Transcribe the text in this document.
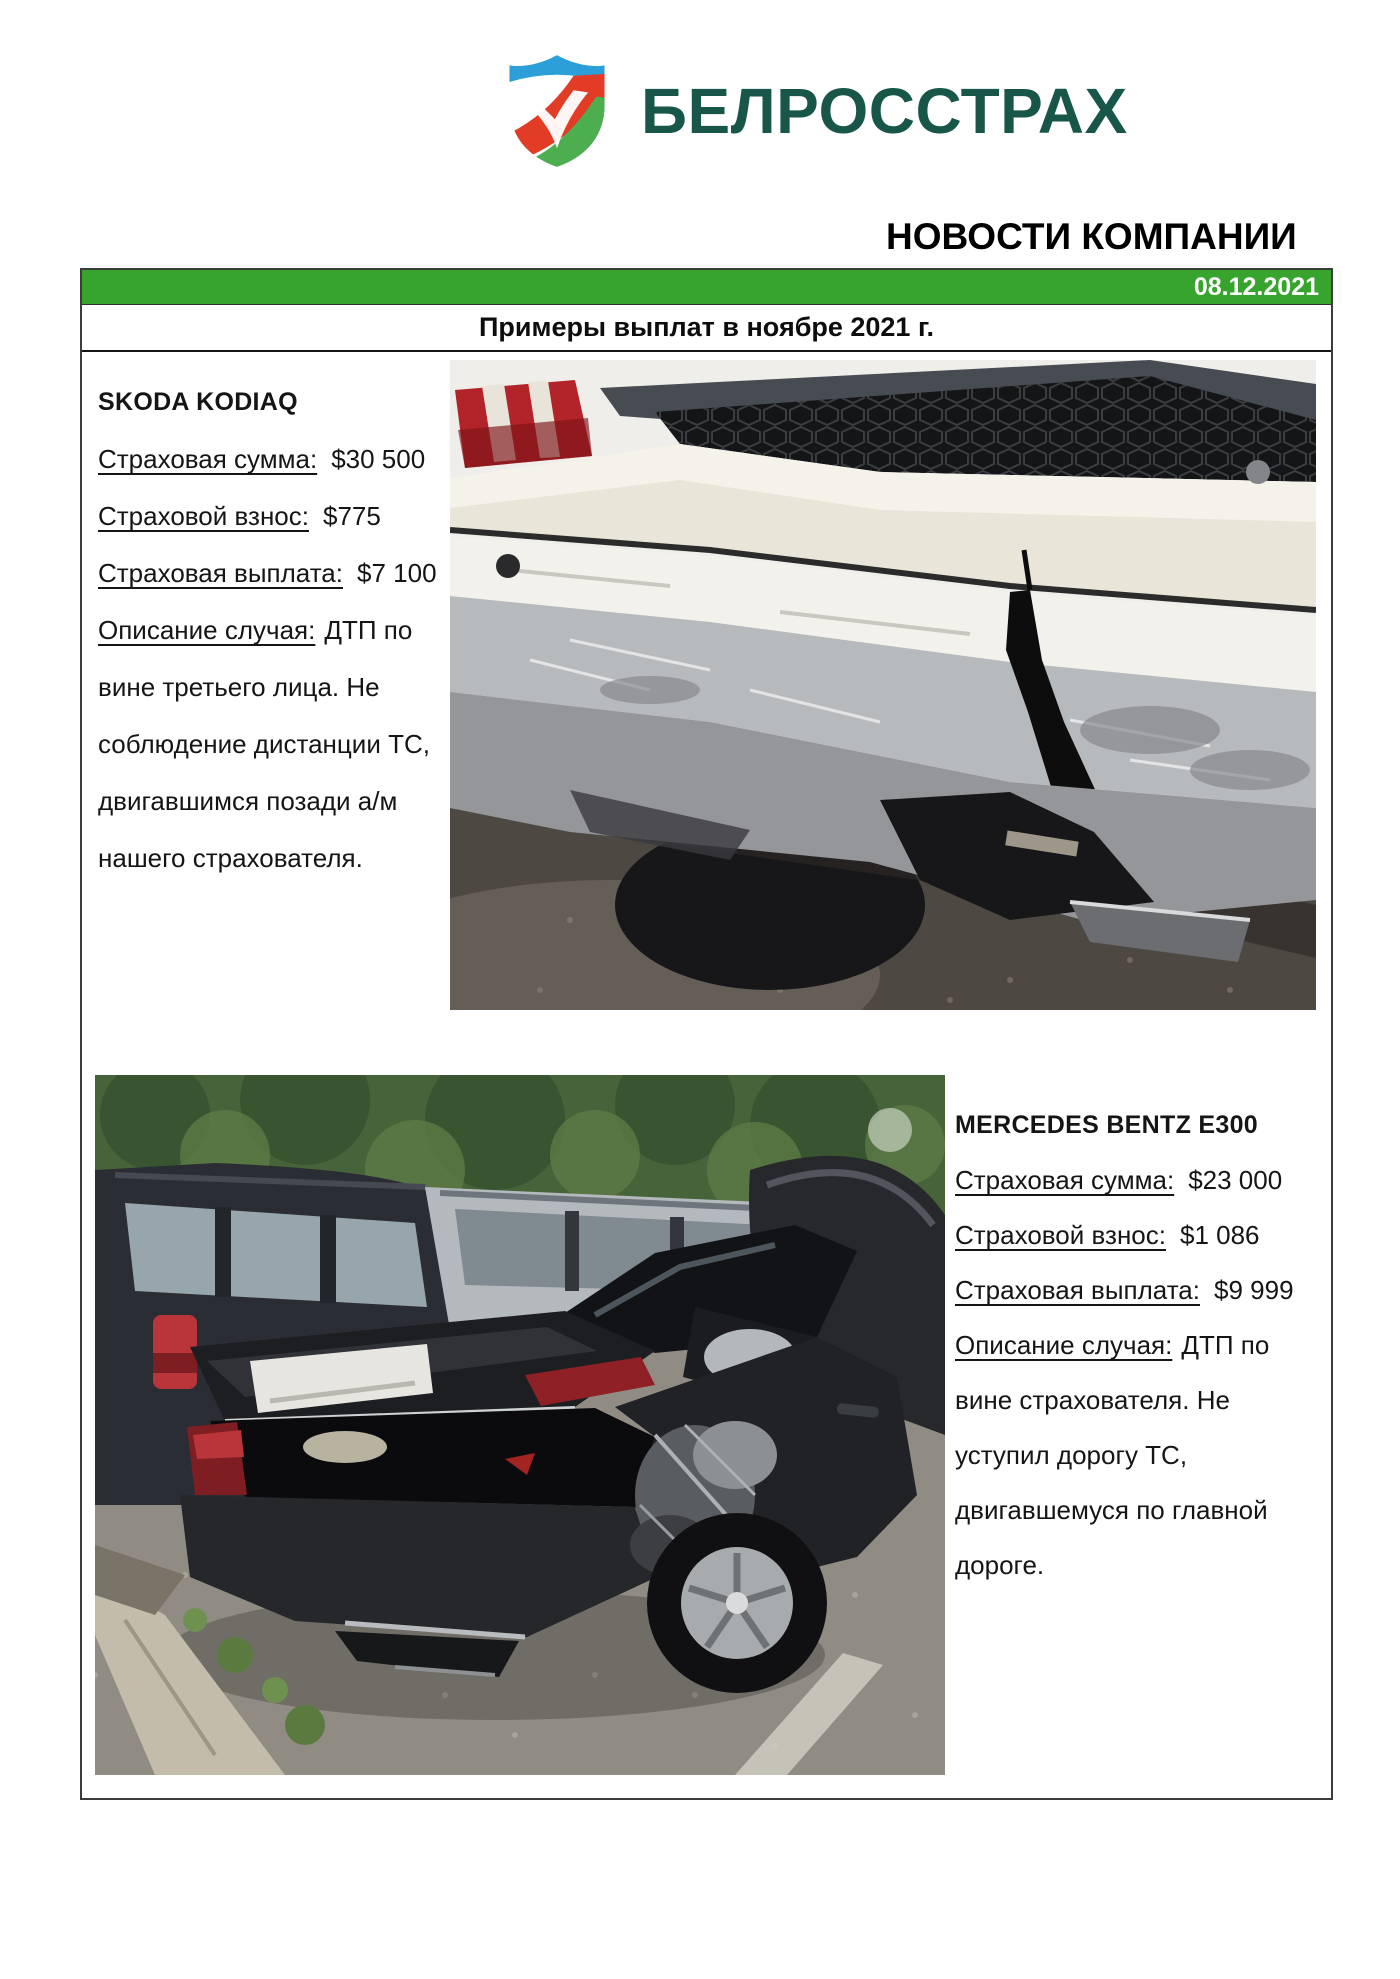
БЕЛРОССТРАХ
НОВОСТИ КОМПАНИИ
08.12.2021
Примеры выплат в ноябре 2021 г.
SKODA KODIAQ
Страховая сумма: $30 500
Страховой взнос: $775
Страховая выплата: $7 100
Описание случая: ДТП по
вине третьего лица. Не
соблюдение дистанции ТС,
двигавшимся позади а/м
нашего страхователя.
MERCEDES BENTZ E300
Страховая сумма: $23 000
Страховой взнос: $1 086
Страховая выплата: $9 999
Описание случая: ДТП по
вине страхователя. Не
уступил дорогу ТС,
двигавшемуся по главной
дороге.
